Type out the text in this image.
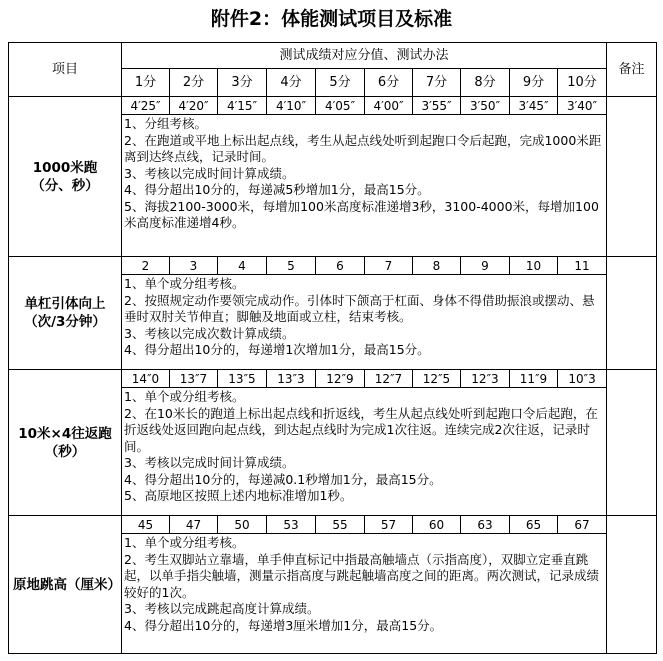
附件2：体能测试项目及标准
项目	测试成绩对应分值、测试办法										备注
	1分	2分	3分	4分	5分	6分	7分	8分	9分	10分	
1000米跑（分、秒）	4′25″	4′20″	4′15″	4′10″	4′05″	4′00″	3′55″	3′50″	3′45″	3′40″	

	1、分组考核。
2、在跑道或平地上标出起点线，考生从起点线处听到起跑口令后起跑，完成1000米距离到达终点线，记录时间。
3、考核以完成时间计算成绩。
4、得分超出10分的，每递减5秒增加1分，最高15分。
5、海拔2100-3000米，每增加100米高度标准递增3秒，3100-4000米，每增加100米高度标准递增4秒。										

单杠引体向上（次/3分钟）	2	3	4	5	6	7	8	9	10	11	

	1、单个或分组考核。
2、按照规定动作要领完成动作。引体时下颌高于杠面、身体不得借助振浪或摆动、悬垂时双肘关节伸直；脚触及地面或立柱，结束考核。
3、考核以完成次数计算成绩。
4、得分超出10分的，每递增1次增加1分，最高15分。										

10米×4往返跑（秒）	14″0	13″7	13″5	13″3	12″9	12″7	12″5	12″3	11″9	10″3	

	1、单个或分组考核。
2、在10米长的跑道上标出起点线和折返线，考生从起点线处听到起跑口令后起跑，在折返线处返回跑向起点线，到达起点线时为完成1次往返。连续完成2次往返，记录时间。
3、考核以完成时间计算成绩。
4、得分超出10分的，每递减0.1秒增加1分，最高15分。
5、高原地区按照上述内地标准增加1秒。										

原地跳高（厘米）	45	47	50	53	55	57	60	63	65	67	

	1、单个或分组考核。
2、考生双脚站立靠墙，单手伸直标记中指最高触墙点（示指高度），双脚立定垂直跳起，以单手指尖触墙，测量示指高度与跳起触墙高度之间的距离。两次测试，记录成绩较好的1次。
3、考核以完成跳起高度计算成绩。
4、得分超出10分的，每递增3厘米增加1分，最高15分。										
